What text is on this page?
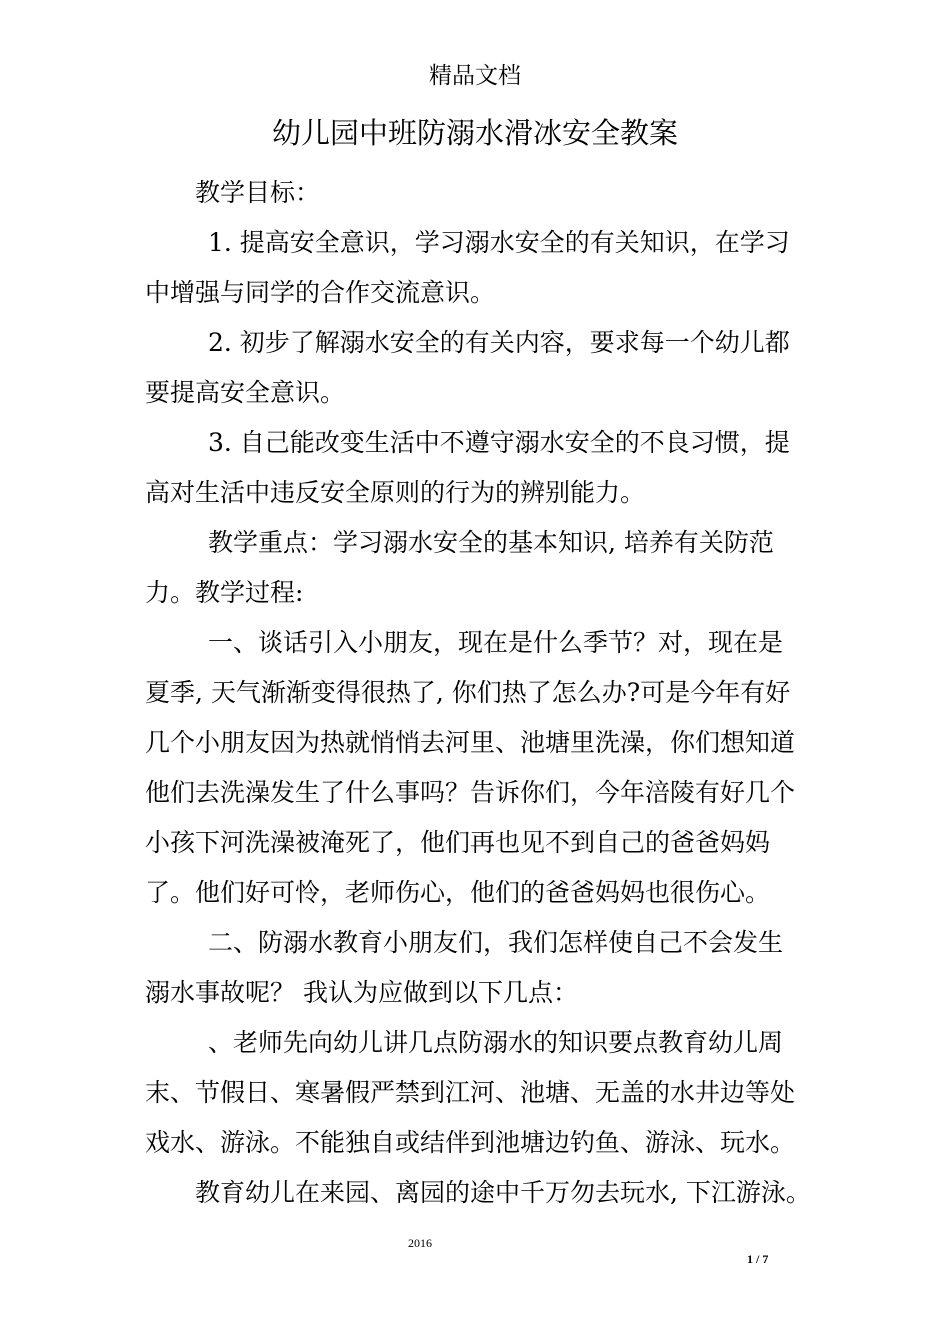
精品文档
幼儿园中班防溺水滑冰安全教案

教学目标：

1. 提高安全意识，学习溺水安全的有关知识，在学习

中增强与同学的合作交流意识。

2. 初步了解溺水安全的有关内容，要求每一个幼儿都

要提高安全意识。

3. 自己能改变生活中不遵守溺水安全的不良习惯，提

高对生活中违反安全原则的行为的辨别能力。

教学重点：学习溺水安全的基本知识, 培养有关防范

力。教学过程:

一、谈话引入小朋友，现在是什么季节？对，现在是

夏季, 天气渐渐变得很热了, 你们热了怎么办?可是今年有好

几个小朋友因为热就悄悄去河里、池塘里洗澡，你们想知道

他们去洗澡发生了什么事吗？告诉你们，今年涪陵有好几个

小孩下河洗澡被淹死了，他们再也见不到自己的爸爸妈妈

了。他们好可怜，老师伤心，他们的爸爸妈妈也很伤心。

二、防溺水教育小朋友们，我们怎样使自己不会发生

溺水事故呢？ 我认为应做到以下几点：

、老师先向幼儿讲几点防溺水的知识要点教育幼儿周

末、节假日、寒暑假严禁到江河、池塘、无盖的水井边等处

戏水、游泳。不能独自或结伴到池塘边钓鱼、游泳、玩水。

教育幼儿在来园、离园的途中千万勿去玩水, 下江游泳。

2016
1 / 7
